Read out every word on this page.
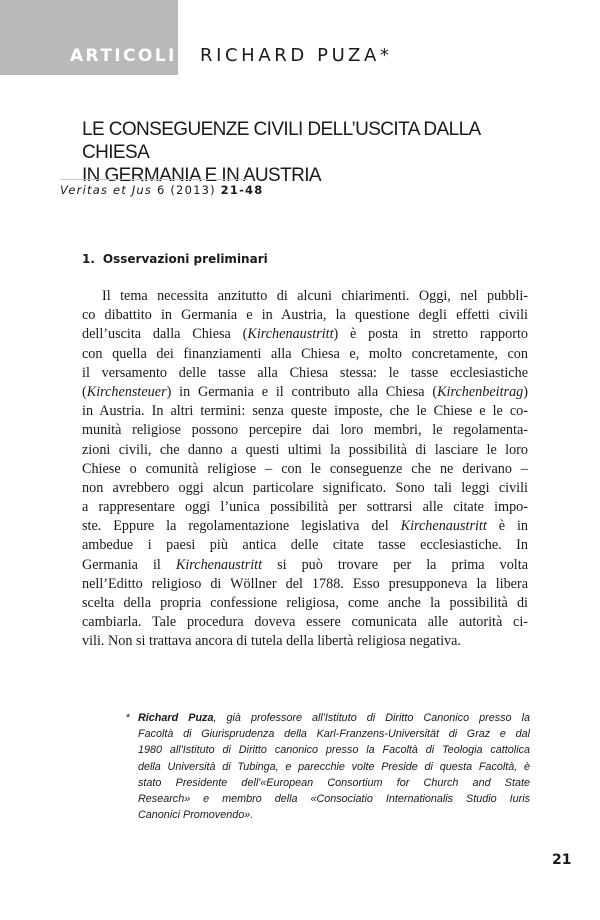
ARTICOLI RICHARD PUZA*
LE CONSEGUENZE CIVILI DELL’USCITA DALLA CHIESA
IN GERMANIA E IN AUSTRIA
Veritas et Jus 6 (2013) 21-48
1. Osservazioni preliminari
Il tema necessita anzitutto di alcuni chiarimenti. Oggi, nel pubbli-
co dibattito in Germania e in Austria, la questione degli effetti civili
dell’uscita dalla Chiesa (Kirchenaustritt) è posta in stretto rapporto
con quella dei finanziamenti alla Chiesa e, molto concretamente, con
il versamento delle tasse alla Chiesa stessa: le tasse ecclesiastiche
(Kirchensteuer) in Germania e il contributo alla Chiesa (Kirchenbeitrag)
in Austria. In altri termini: senza queste imposte, che le Chiese e le co-
munità religiose possono percepire dai loro membri, le regolamenta-
zioni civili, che danno a questi ultimi la possibilità di lasciare le loro
Chiese o comunità religiose – con le conseguenze che ne derivano –
non avrebbero oggi alcun particolare significato. Sono tali leggi civili
a rappresentare oggi l’unica possibilità per sottrarsi alle citate impo-
ste. Eppure la regolamentazione legislativa del Kirchenaustritt è in
ambedue i paesi più antica delle citate tasse ecclesiastiche. In
Germania il Kirchenaustritt si può trovare per la prima volta
nell’Editto religioso di Wöllner del 1788. Esso presupponeva la libera
scelta della propria confessione religiosa, come anche la possibilità di
cambiarla. Tale procedura doveva essere comunicata alle autorità ci-
vili. Non si trattava ancora di tutela della libertà religiosa negativa.
* Richard Puza, già professore all'Istituto di Diritto Canonico presso la
Facoltà di Giurisprudenza della Karl-Franzens-Universität di Graz e dal
1980 all'Istituto di Diritto canonico presso la Facoltà di Teologia cattolica
della Università di Tubinga, e parecchie volte Preside di questa Facoltà, è
stato Presidente dell'«European Consortium for Church and State
Research» e membro della «Consociatio Internationalis Studio Iuris
Canonici Promovendo».
21
